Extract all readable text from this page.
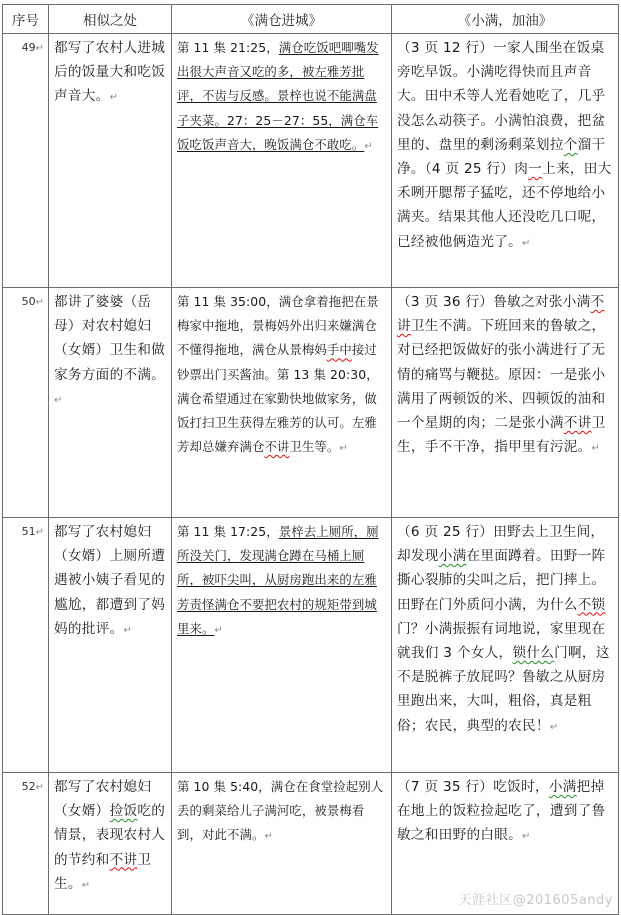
序号	相似之处	《满仓进城》	《小满，加油》
49↵	都写了农村人进城后的饭量大和吃饭声音大。↵	第 11 集 21:25，满仓吃饭吧唧嘴发出很大声音又吃的多，被左雅芳批评，不齿与反感。景梓也说不能满盘子夹菜。27：25－27：55，满仓车饭吃饭声音大，晚饭满仓不敢吃。↵	（3 页 12 行）一家人围坐在饭桌旁吃早饭。小满吃得快而且声音大。田中禾等人光看她吃了，几乎没怎么动筷子。小满怕浪费，把盆里的、盘里的剩汤剩菜划拉个溜干净。（4 页 25 行）肉一上来，田大禾咧开腮帮子猛吃，还不停地给小满夹。结果其他人还没吃几口呢，已经被他俩造光了。↵
50↵	都讲了婆婆（岳母）对农村媳妇（女婿）卫生和做家务方面的不满。↵	第 11 集 35:00，满仓拿着拖把在景梅家中拖地，景梅妈外出归来嫌满仓不懂得拖地，满仓从景梅妈手中接过钞票出门买酱油。第 13 集 20:30，满仓希望通过在家勤快地做家务，做饭打扫卫生获得左雅芳的认可。左雅芳却总嫌弃满仓不讲卫生等。↵	（3 页 36 行）鲁敏之对张小满不讲卫生不满。下班回来的鲁敏之，对已经把饭做好的张小满进行了无情的痛骂与鞭挞。原因：一是张小满用了两顿饭的米、四顿饭的油和一个星期的肉；二是张小满不讲卫生，手不干净，指甲里有污泥。↵
51↵	都写了农村媳妇（女婿）上厕所遭遇被小姨子看见的尴尬，都遭到了妈妈的批评。↵	第 11 集 17:25，景梓去上厕所，厕所没关门，发现满仓蹲在马桶上厕所，被吓尖叫，从厨房跑出来的左雅芳责怪满仓不要把农村的规矩带到城里来。↵	（6 页 25 行）田野去上卫生间，却发现小满在里面蹲着。田野一阵撕心裂肺的尖叫之后，把门摔上。田野在门外质问小满，为什么不锁门？小满振振有词地说，家里现在就我们 3 个女人，锁什么门啊，这不是脱裤子放屁吗？鲁敏之从厨房里跑出来，大叫，粗俗，真是粗俗；农民，典型的农民！↵
52↵	都写了农村媳妇（女婿）捡饭吃的情景，表现农村人的节约和不讲卫生。↵	第 10 集 5:40，满仓在食堂捡起别人丢的剩菜给儿子满河吃，被景梅看到，对此不满。↵	（7 页 35 行）吃饭时，小满把掉在地上的饭粒捡起吃了，遭到了鲁敏之和田野的白眼。↵
天涯社区@201605andy
